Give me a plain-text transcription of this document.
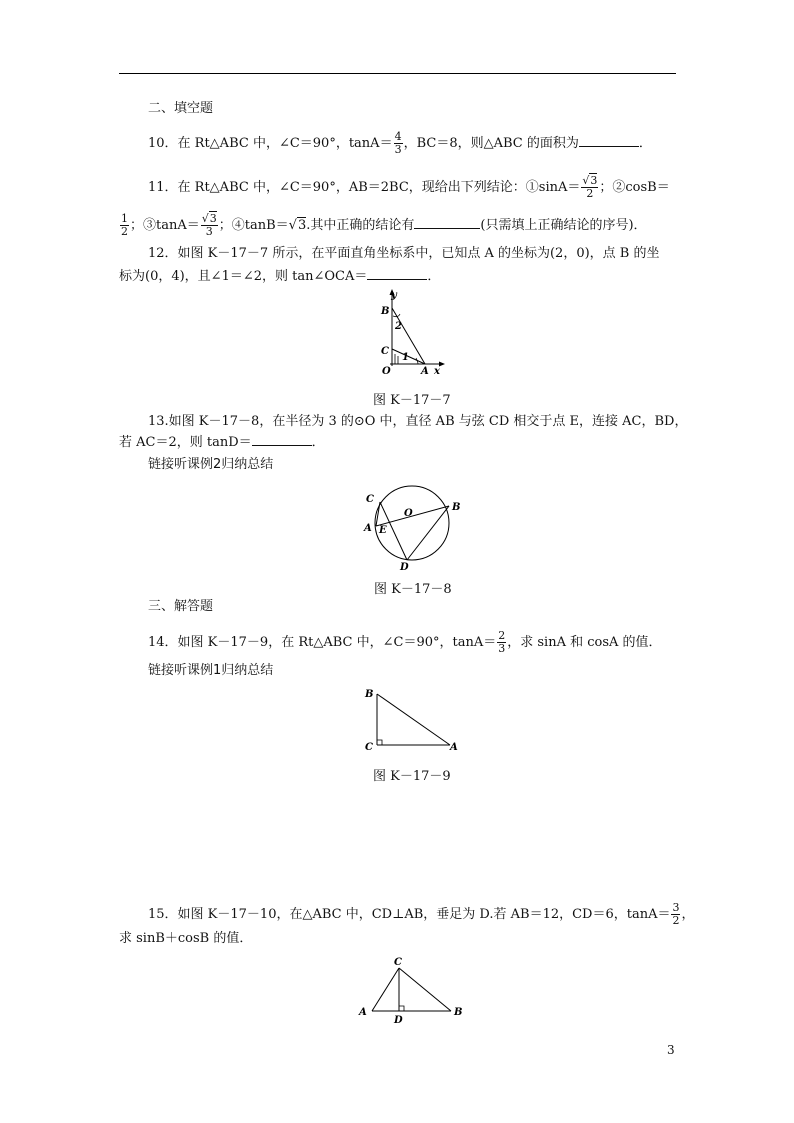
二、填空题
10．在 Rt△ABC 中，∠C＝90°，$\tan A= \frac{4}{3}$ ，BC＝8，则△ABC 的面积为	．
11．在 Rt△ABC 中，∠C＝90°，AB＝2BC，现给出下列结论：①sinA＝ $\frac{√3}{2}$ ；②cosB＝
$\frac{1}{2}$ ；③tanA＝ $\frac{√3}{3}$ ；④tanB＝√3.其中正确的结论有	(只需填上正确结论的序号)．
12．如图 K－17－7 所示，在平面直角坐标系中，已知点 A 的坐标为(2，0)，点 B 的坐
标为(0，4)，且∠1＝∠2，则 tan∠OCA＝	．
y
B
2
C
1
O	A x
图 K－17－7
13.如图 K－17－8，在半径为 3 的⊙O 中，直径 AB 与弦 CD 相交于点 E，连接 AC，BD，
若 AC＝2，则 tanD＝	．
链接听课例2归纳总结
C
A E
O
B
D
图 K－17－8
三、解答题
14．如图 K－17－9，在 Rt△ABC 中，∠C＝90°，$\tan A= \frac{2}{3}$ ，求 sinA 和 cosA 的值．
链接听课例1归纳总结
B
C	A
图 K－17－9
15．如图 K－17－10，在△ABC 中，CD⊥AB，垂足为 D.若 AB＝12，CD＝6，$\tan A= \frac{3}{2}$ ，
求 sinB＋cosB 的值．
C
A
D
B
3
